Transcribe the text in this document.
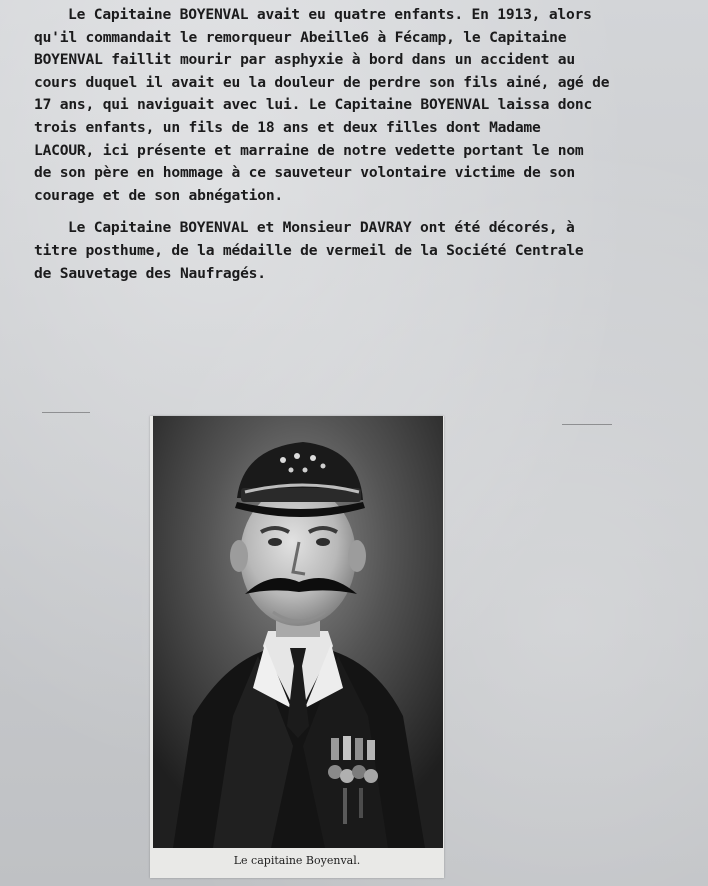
Le Capitaine BOYENVAL avait eu quatre enfants. En 1913, alors
qu'il commandait le remorqueur Abeille6 à Fécamp, le Capitaine
BOYENVAL faillit mourir par asphyxie à bord dans un accident au
cours duquel il avait eu la douleur de perdre son fils ainé, agé de
17 ans, qui naviguait avec lui. Le Capitaine BOYENVAL laissa donc
trois enfants, un fils de 18 ans et deux filles dont Madame
LACOUR, ici présente et marraine de notre vedette portant le nom
de son père en hommage à ce sauveteur volontaire victime de son
courage et de son abnégation.

Le Capitaine BOYENVAL et Monsieur DAVRAY ont été décorés, à
titre posthume, de la médaille de vermeil de la Société Centrale
de Sauvetage des Naufragés.

Le capitaine Boyenval.
